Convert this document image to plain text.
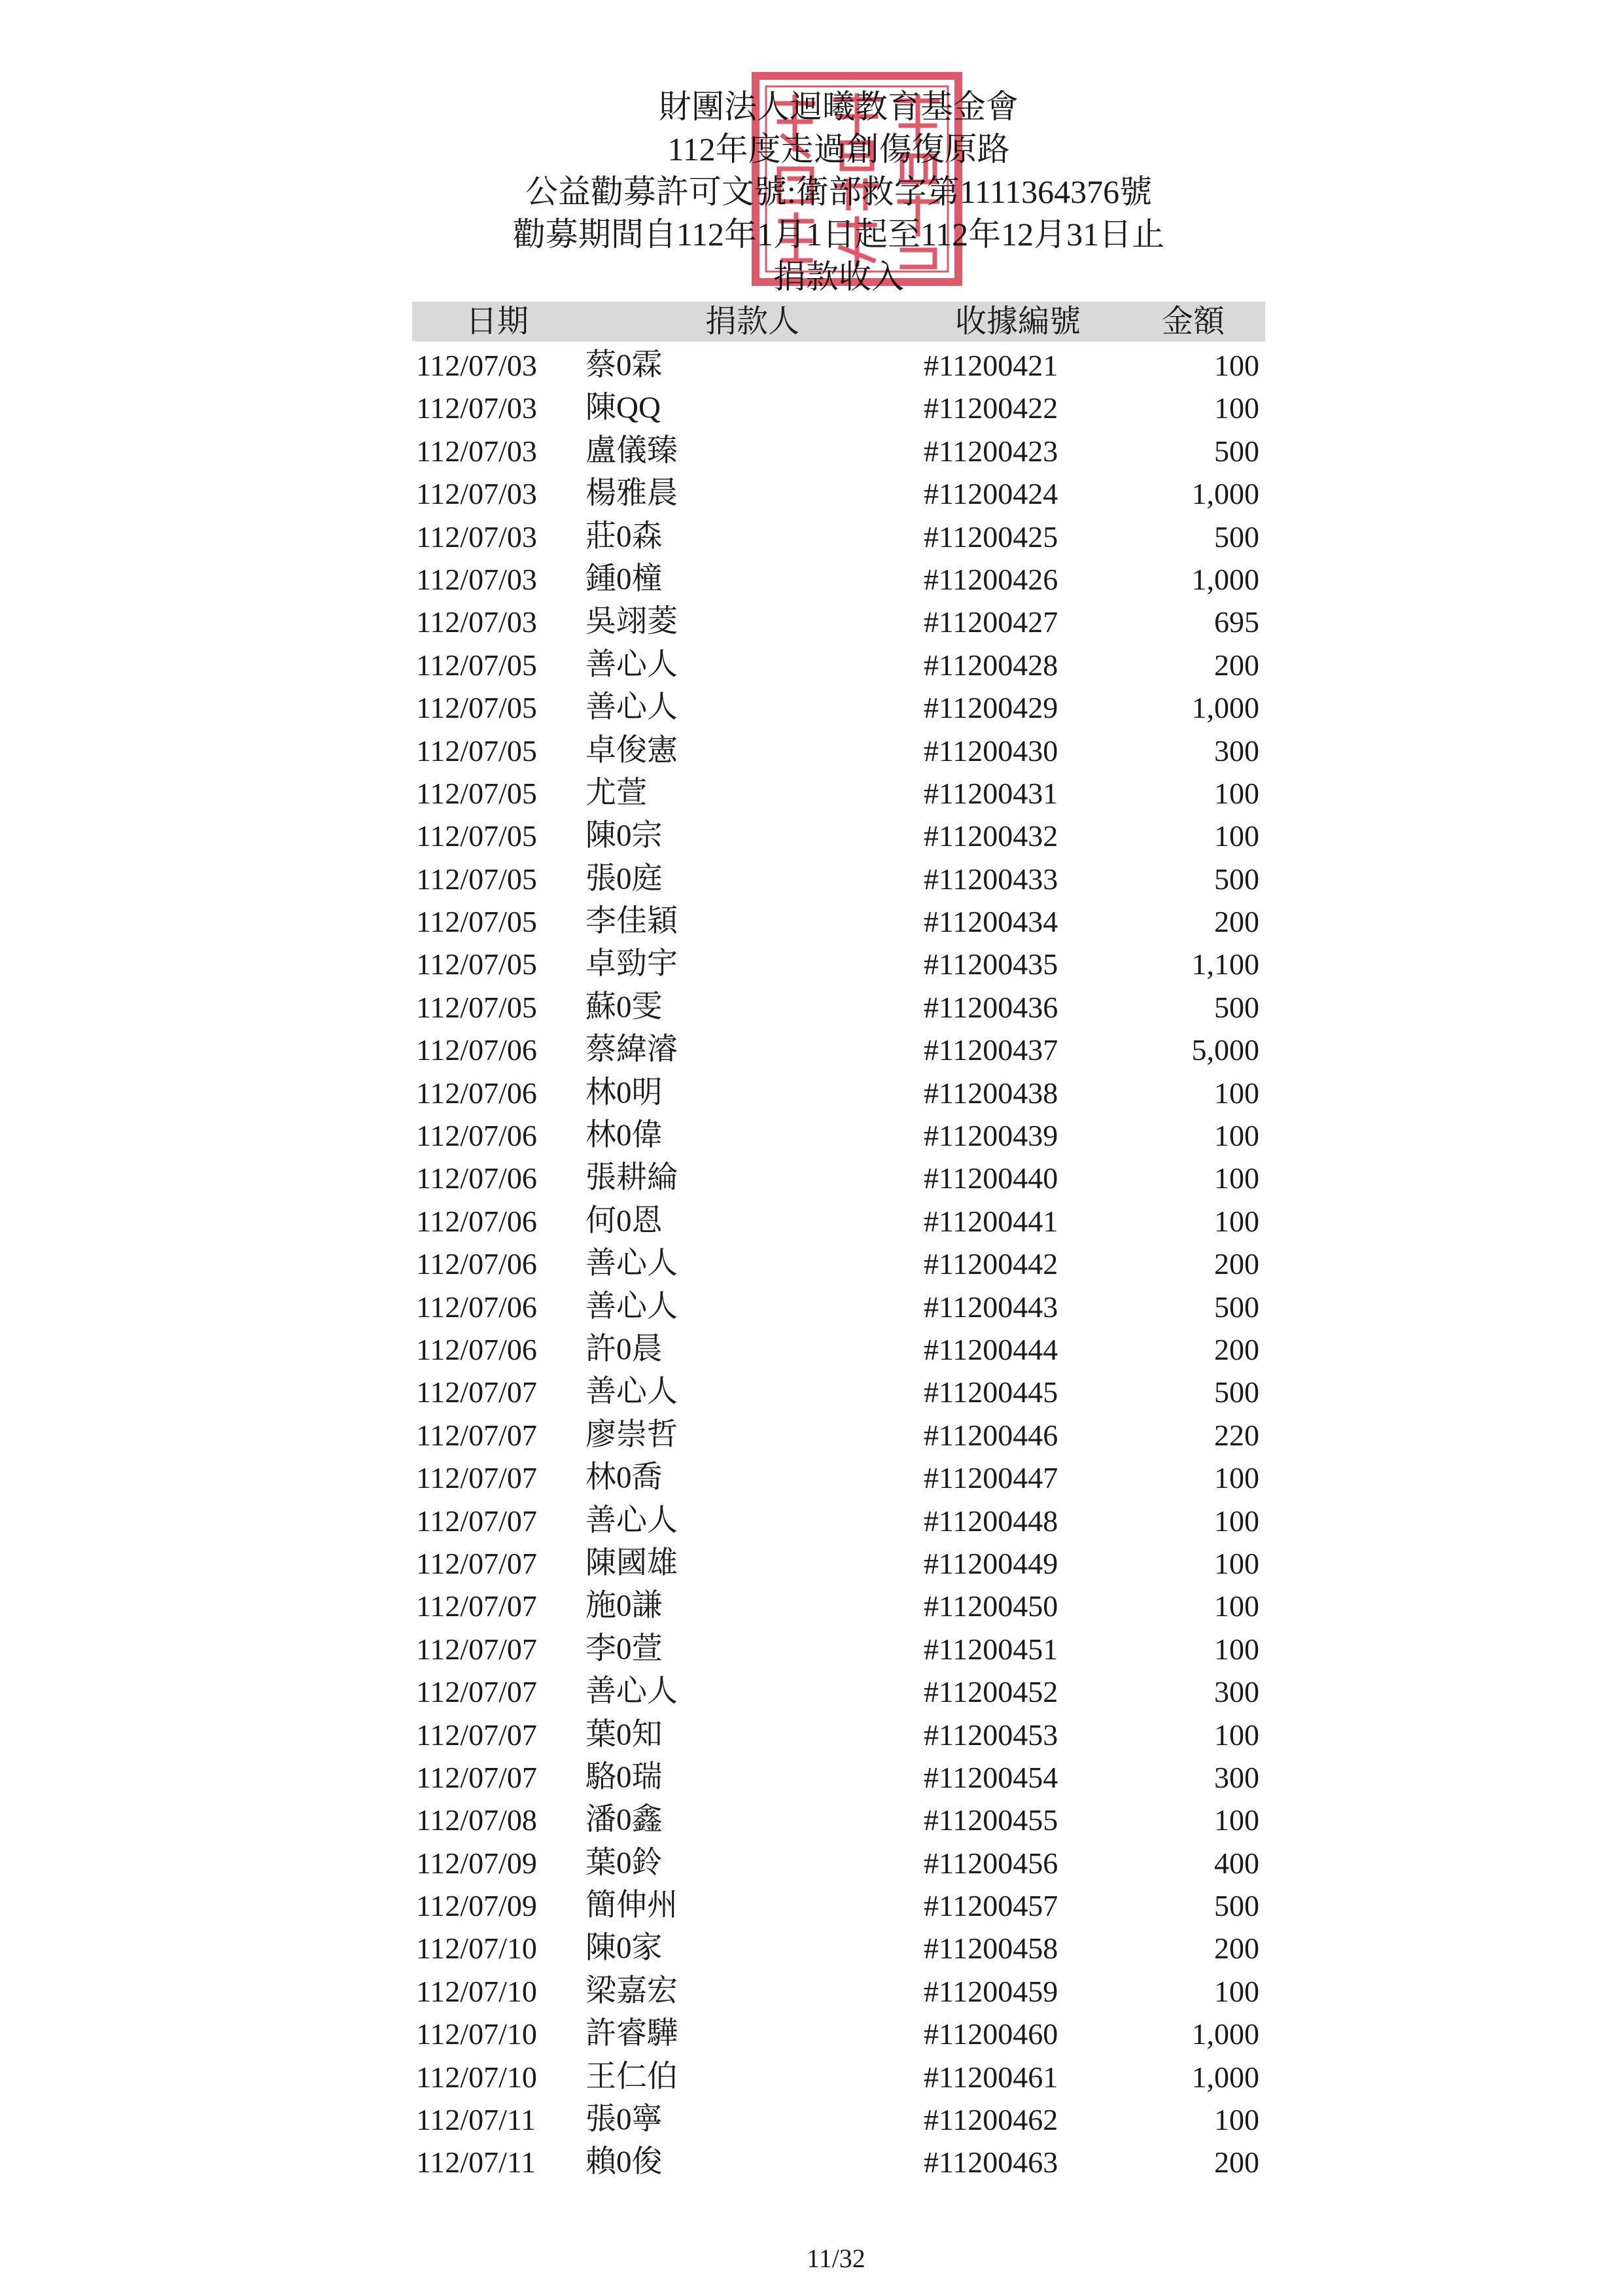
財團法人迴曦教育基金會
112年度走過創傷復原路
公益勸募許可文號:衛部救字第1111364376號
勸募期間自112年1月1日起至112年12月31日止
捐款收入
日期	捐款人	收據編號	金額
112/07/03 蔡0霖	#11200421	100
112/07/03 陳QQ	#11200422	100
112/07/03 盧儀臻	#11200423	500
112/07/03 楊雅晨	#11200424	1,000
112/07/03 莊0森	#11200425	500
112/07/03 鍾0橦	#11200426	1,000
112/07/03 吳翊菱	#11200427	695
112/07/05 善心人	#11200428	200
112/07/05 善心人	#11200429	1,000
112/07/05 卓俊憲	#11200430	300
112/07/05 尤萱	#11200431	100
112/07/05 陳0宗	#11200432	100
112/07/05 張0庭	#11200433	500
112/07/05 李佳穎	#11200434	200
112/07/05 卓勁宇	#11200435	1,100
112/07/05 蘇0雯	#11200436	500
112/07/06 蔡緯濬	#11200437	5,000
112/07/06 林0明	#11200438	100
112/07/06 林0偉	#11200439	100
112/07/06 張耕綸	#11200440	100
112/07/06 何0恩	#11200441	100
112/07/06 善心人	#11200442	200
112/07/06 善心人	#11200443	500
112/07/06 許0晨	#11200444	200
112/07/07 善心人	#11200445	500
112/07/07 廖崇哲	#11200446	220
112/07/07 林0喬	#11200447	100
112/07/07 善心人	#11200448	100
112/07/07 陳國雄	#11200449	100
112/07/07 施0謙	#11200450	100
112/07/07 李0萱	#11200451	100
112/07/07 善心人	#11200452	300
112/07/07 葉0知	#11200453	100
112/07/07 駱0瑞	#11200454	300
112/07/08 潘0鑫	#11200455	100
112/07/09 葉0鈴	#11200456	400
112/07/09 簡伸州	#11200457	500
112/07/10 陳0家	#11200458	200
112/07/10 梁嘉宏	#11200459	100
112/07/10 許睿驊	#11200460	1,000
112/07/10 王仁伯	#11200461	1,000
112/07/11 張0寧	#11200462	100
112/07/11 賴0俊	#11200463	200
11/32
